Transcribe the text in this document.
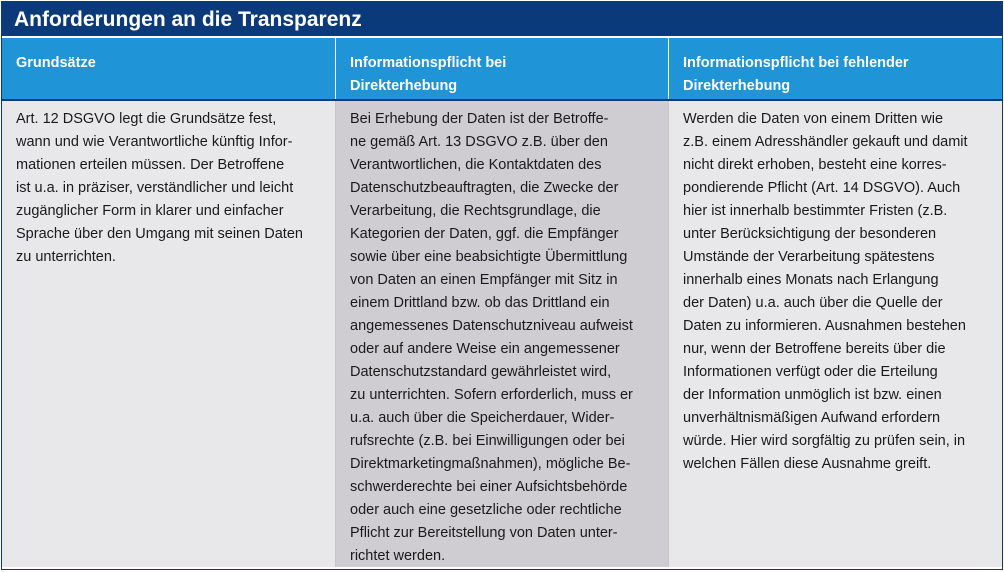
Anforderungen an die Transparenz
Grundsätze	Informationspflicht bei
Direkterhebung
Informationspflicht bei fehlender
Direkterhebung
Art. 12 DSGVO legt die Grundsätze fest,
wann und wie Verantwortliche künftig Infor-
mationen erteilen müssen. Der Betroffene
ist u.a. in präziser, verständlicher und leicht
zugänglicher Form in klarer und einfacher
Sprache über den Umgang mit seinen Daten
zu unterrichten.
Bei Erhebung der Daten ist der Betroffe-
ne gemäß Art. 13 DSGVO z.B. über den
Verantwortlichen, die Kontaktdaten des
Datenschutzbeauftragten, die Zwecke der
Verarbeitung, die Rechtsgrundlage, die
Kategorien der Daten, ggf. die Empfänger
sowie über eine beabsichtigte Übermittlung
von Daten an einen Empfänger mit Sitz in
einem Drittland bzw. ob das Drittland ein
angemessenes Datenschutzniveau aufweist
oder auf andere Weise ein angemessener
Datenschutzstandard gewährleistet wird,
zu unterrichten. Sofern erforderlich, muss er
u.a. auch über die Speicherdauer, Wider-
rufsrechte (z.B. bei Einwilligungen oder bei
Direktmarketingmaßnahmen), mögliche Be-
schwerderechte bei einer Aufsichtsbehörde
oder auch eine gesetzliche oder rechtliche
Pflicht zur Bereitstellung von Daten unter-
richtet werden.
Werden die Daten von einem Dritten wie
z.B. einem Adresshändler gekauft und damit
nicht direkt erhoben, besteht eine korres-
pondierende Pflicht (Art. 14 DSGVO). Auch
hier ist innerhalb bestimmter Fristen (z.B.
unter Berücksichtigung der besonderen
Umstände der Verarbeitung spätestens
innerhalb eines Monats nach Erlangung
der Daten) u.a. auch über die Quelle der
Daten zu informieren. Ausnahmen bestehen
nur, wenn der Betroffene bereits über die
Informationen verfügt oder die Erteilung
der Information unmöglich ist bzw. einen
unverhältnismäßigen Aufwand erfordern
würde. Hier wird sorgfältig zu prüfen sein, in
welchen Fällen diese Ausnahme greift.
